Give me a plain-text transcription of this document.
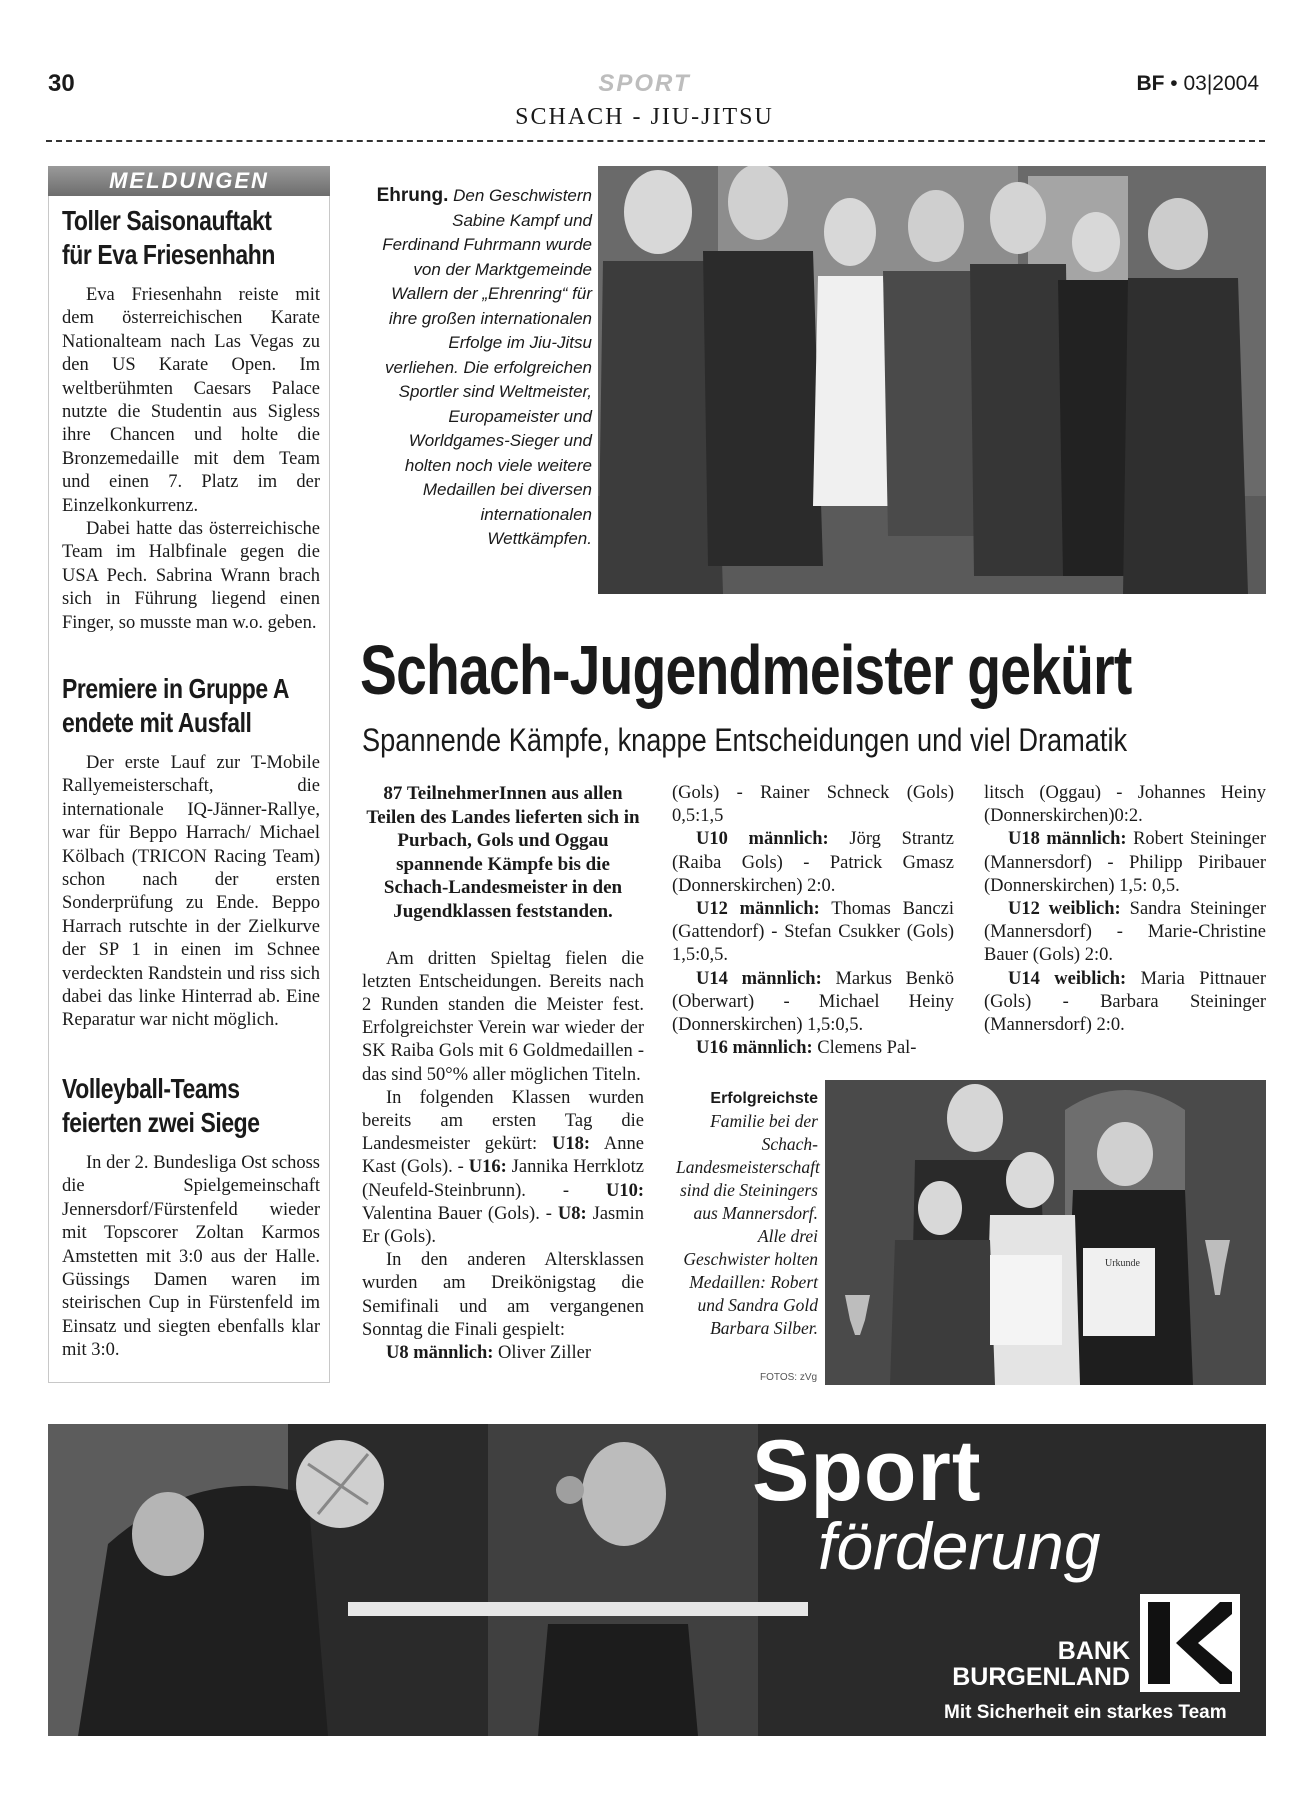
30	SPORT	BF • 03|2004
SCHACH - JIU-JITSU
MELDUNGEN
Toller Saisonauftakt
für Eva Friesenhahn

Eva Friesenhahn reiste mit dem österreichischen Karate Nationalteam nach Las Vegas zu den US Karate Open. Im weltberühmten Caesars Palace nutzte die Studentin aus Sigless ihre Chancen und holte die Bronzemedaille mit dem Team und einen 7. Platz im der Einzelkonkurrenz.

Dabei hatte das österreichische Team im Halbfinale gegen die USA Pech. Sabrina Wrann brach sich in Führung liegend einen Finger, so musste man w.o. geben.

Premiere in Gruppe A
endete mit Ausfall

Der erste Lauf zur T-Mobile Rallyemeisterschaft, die internationale IQ-Jänner-Rallye, war für Beppo Harrach/ Michael Kölbach (TRICON Racing Team) schon nach der ersten Sonderprüfung zu Ende. Beppo Harrach rutschte in der Zielkurve der SP 1 in einen im Schnee verdeckten Randstein und riss sich dabei das linke Hinterrad ab. Eine Reparatur war nicht möglich.

Volleyball-Teams
feierten zwei Siege

In der 2. Bundesliga Ost schoss die Spielgemeinschaft Jennersdorf/Fürstenfeld wieder mit Topscorer Zoltan Karmos Amstetten mit 3:0 aus der Halle. Güssings Damen waren im steirischen Cup in Fürstenfeld im Einsatz und siegten ebenfalls klar mit 3:0.

Ehrung. Den Geschwistern Sabine Kampf und Ferdinand Fuhrmann wurde von der Marktgemeinde Wallern der „Ehrenring“ für ihre großen internationalen Erfolge im Jiu-Jitsu verliehen. Die erfolgreichen Sportler sind Weltmeister, Europameister und Worldgames-Sieger und holten noch viele weitere Medaillen bei diversen internationalen Wettkämpfen.
Schach-Jugendmeister gekürt
Spannende Kämpfe, knappe Entscheidungen und viel Dramatik
87 TeilnehmerInnen aus allen Teilen des Landes lieferten sich in Purbach, Gols und Oggau spannende Kämpfe bis die Schach-Landesmeister in den Jugendklassen feststanden.

Am dritten Spieltag fielen die letzten Entscheidungen. Bereits nach 2 Runden standen die Meister fest. Erfolgreichster Verein war wieder der SK Raiba Gols mit 6 Goldmedaillen - das sind 50°% aller möglichen Titeln.

In folgenden Klassen wurden bereits am ersten Tag die Landesmeister gekürt: U18: Anne Kast (Gols). - U16: Jannika Herrklotz (Neufeld-Steinbrunn). - U10: Valentina Bauer (Gols). - U8: Jasmin Er (Gols).

In den anderen Altersklassen wurden am Dreikönigstag die Semifinali und am vergangenen Sonntag die Finali gespielt:

U8 männlich: Oliver Ziller

(Gols) - Rainer Schneck (Gols) 0,5:1,5

U10 männlich: Jörg Strantz (Raiba Gols) - Patrick Gmasz (Donnerskirchen) 2:0.

U12 männlich: Thomas Banczi (Gattendorf) - Stefan Csukker (Gols) 1,5:0,5.

U14 männlich: Markus Benkö (Oberwart) - Michael Heiny (Donnerskirchen) 1,5:0,5.

U16 männlich: Clemens Pal-

litsch (Oggau) - Johannes Heiny (Donnerskirchen)0:2.

U18 männlich: Robert Steininger (Mannersdorf) - Philipp Piribauer (Donnerskirchen) 1,5: 0,5.

U12 weiblich: Sandra Steininger (Mannersdorf) - Marie-Christine Bauer (Gols) 2:0.

U14 weiblich: Maria Pittnauer (Gols) - Barbara Steininger (Mannersdorf) 2:0.

Erfolgreichste
Familie bei der Schach-Landesmeisterschaft sind die Steiningers aus Mannersdorf. Alle drei Geschwister holten Medaillen: Robert und Sandra Gold Barbara Silber.
Urkunde
FOTOS: zVg
Sport
förderung
BANK
BURGENLAND
Mit Sicherheit ein starkes Team
